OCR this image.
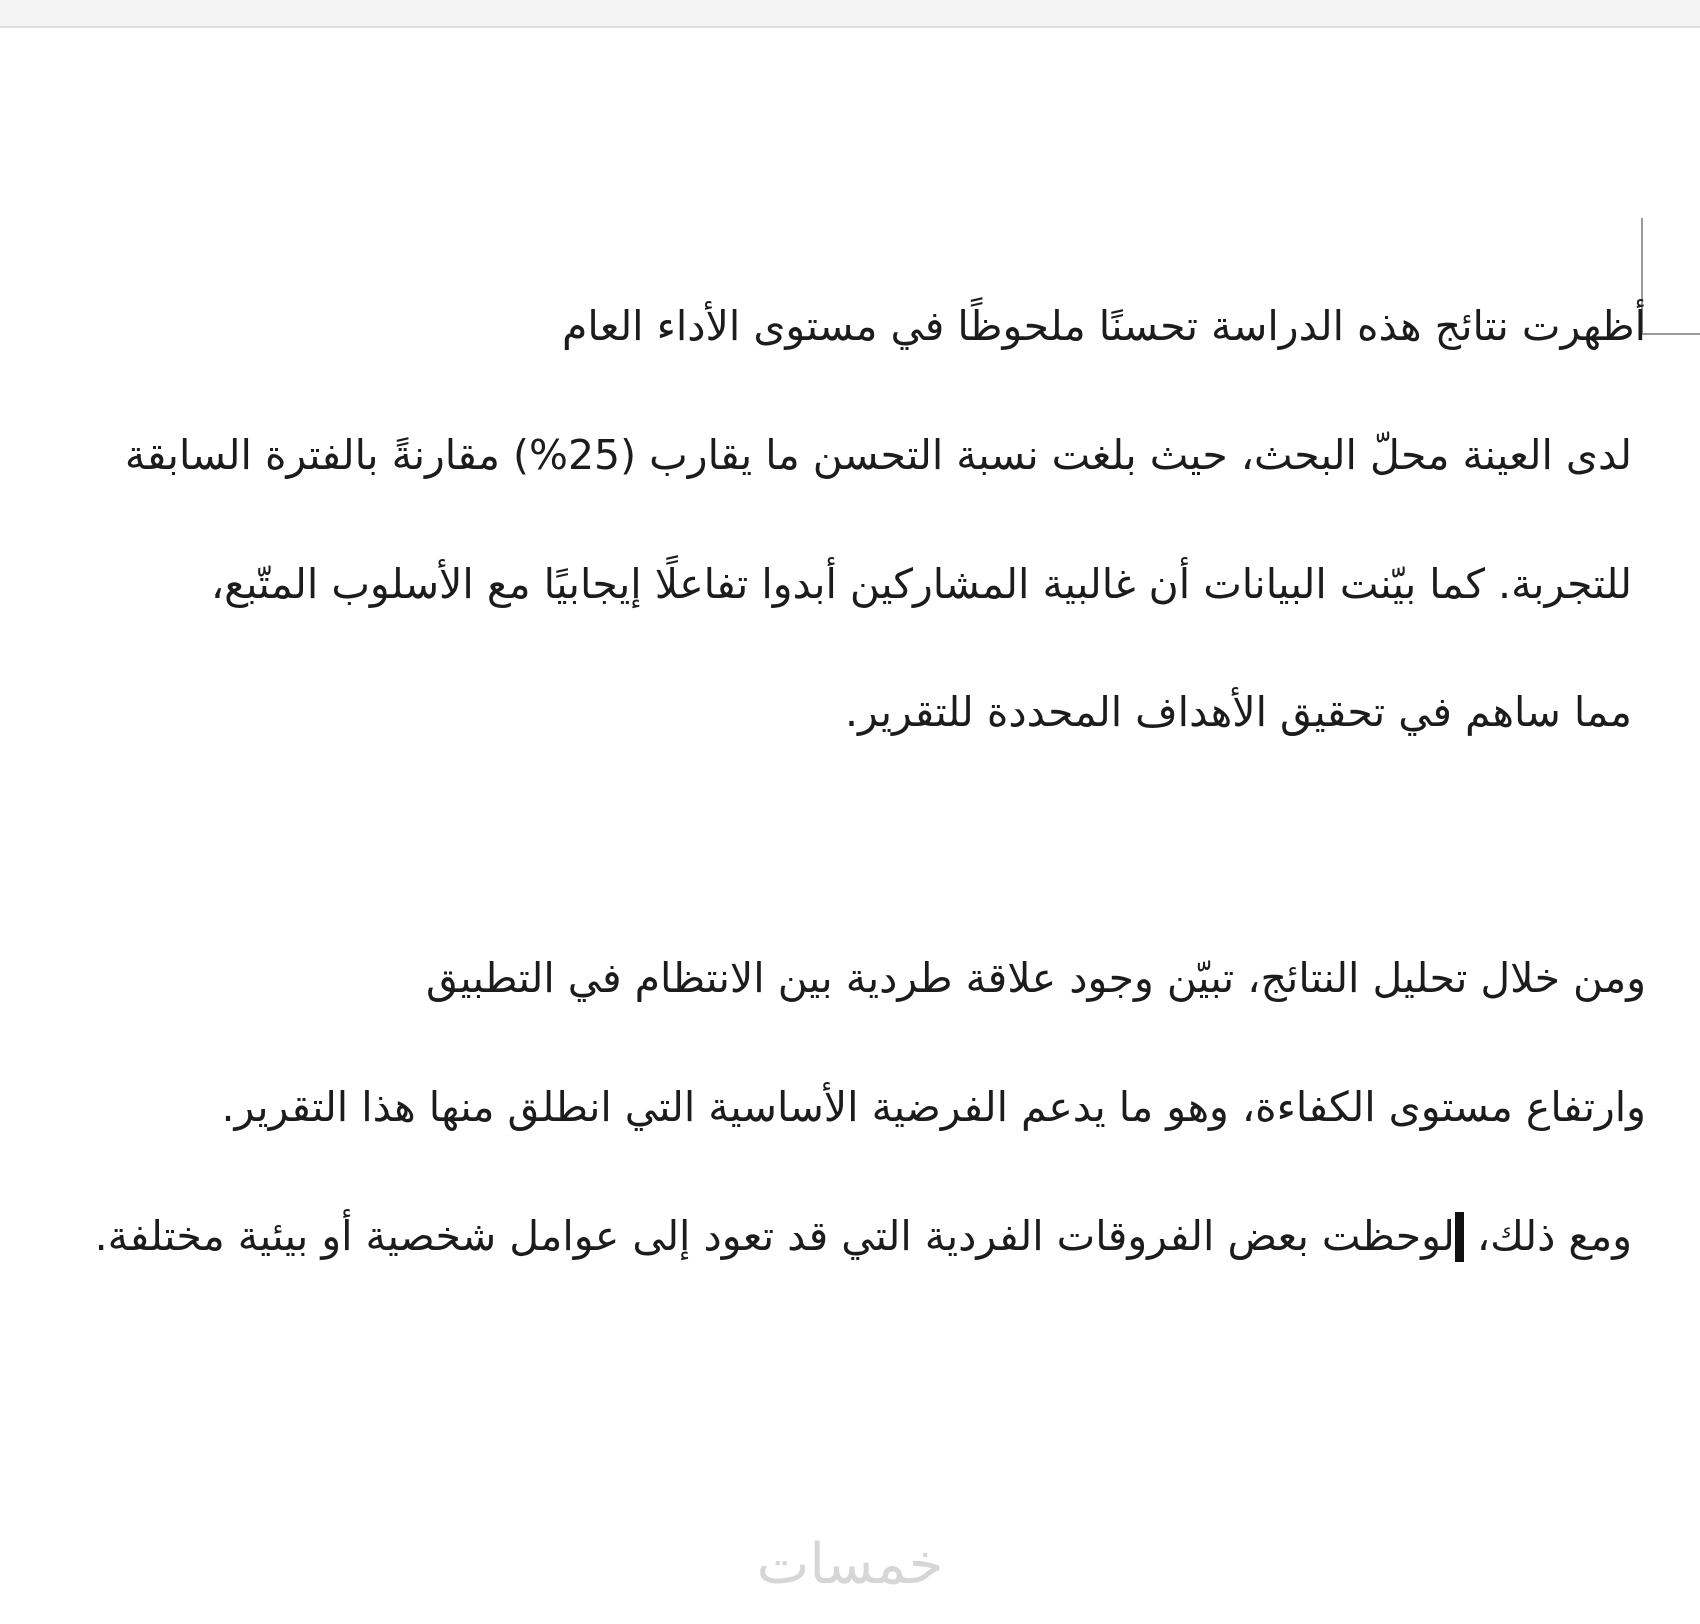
أظهرت نتائج هذه الدراسة تحسنًا ملحوظًا في مستوى الأداء العام
لدى العينة محلّ البحث، حيث بلغت نسبة التحسن ما يقارب (25%) مقارنةً بالفترة السابقة
للتجربة. كما بيّنت البيانات أن غالبية المشاركين أبدوا تفاعلًا إيجابيًا مع الأسلوب المتّبع،
مما ساهم في تحقيق الأهداف المحددة للتقرير.
ومن خلال تحليل النتائج، تبيّن وجود علاقة طردية بين الانتظام في التطبيق
وارتفاع مستوى الكفاءة، وهو ما يدعم الفرضية الأساسية التي انطلق منها هذا التقرير.
ومع ذلك، لوحظت بعض الفروقات الفردية التي قد تعود إلى عوامل شخصية أو بيئية مختلفة.
خمسات
